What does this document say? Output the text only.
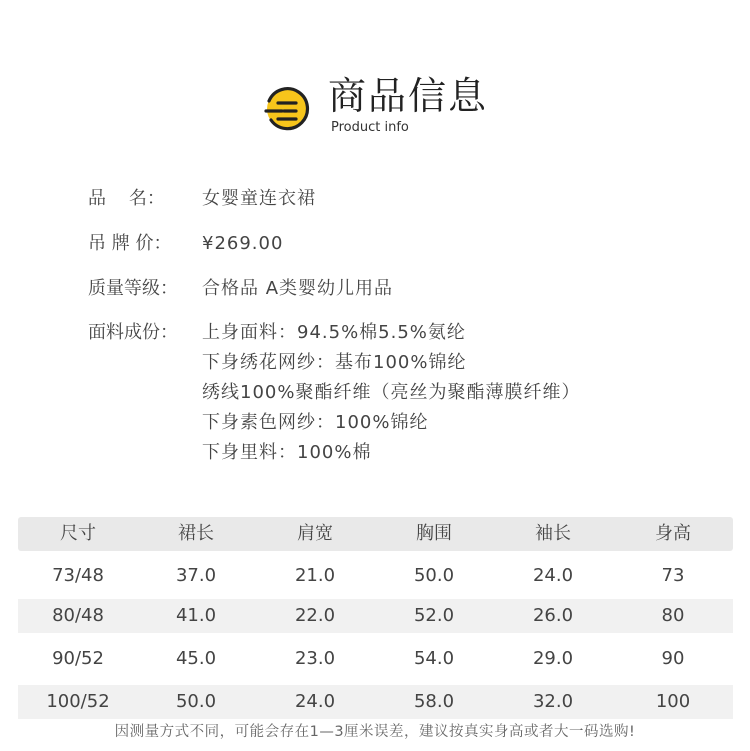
商品信息
Product info
品    名： 女婴童连衣裙
吊 牌 价： ¥269.00
质量等级： 合格品 A类婴幼儿用品
面料成份： 上身面料：94.5%棉5.5%氨纶
下身绣花网纱：基布100%锦纶
绣线100%聚酯纤维（亮丝为聚酯薄膜纤维）
下身素色网纱：100%锦纶
下身里料：100%棉
尺寸	裙长	肩宽	胸围	袖长	身高
73/48	37.0	21.0	50.0	24.0	73
80/48	41.0	22.0	52.0	26.0	80
90/52	45.0	23.0	54.0	29.0	90
100/52	50.0	24.0	58.0	32.0	100
因测量方式不同，可能会存在1—3厘米误差，建议按真实身高或者大一码选购!
